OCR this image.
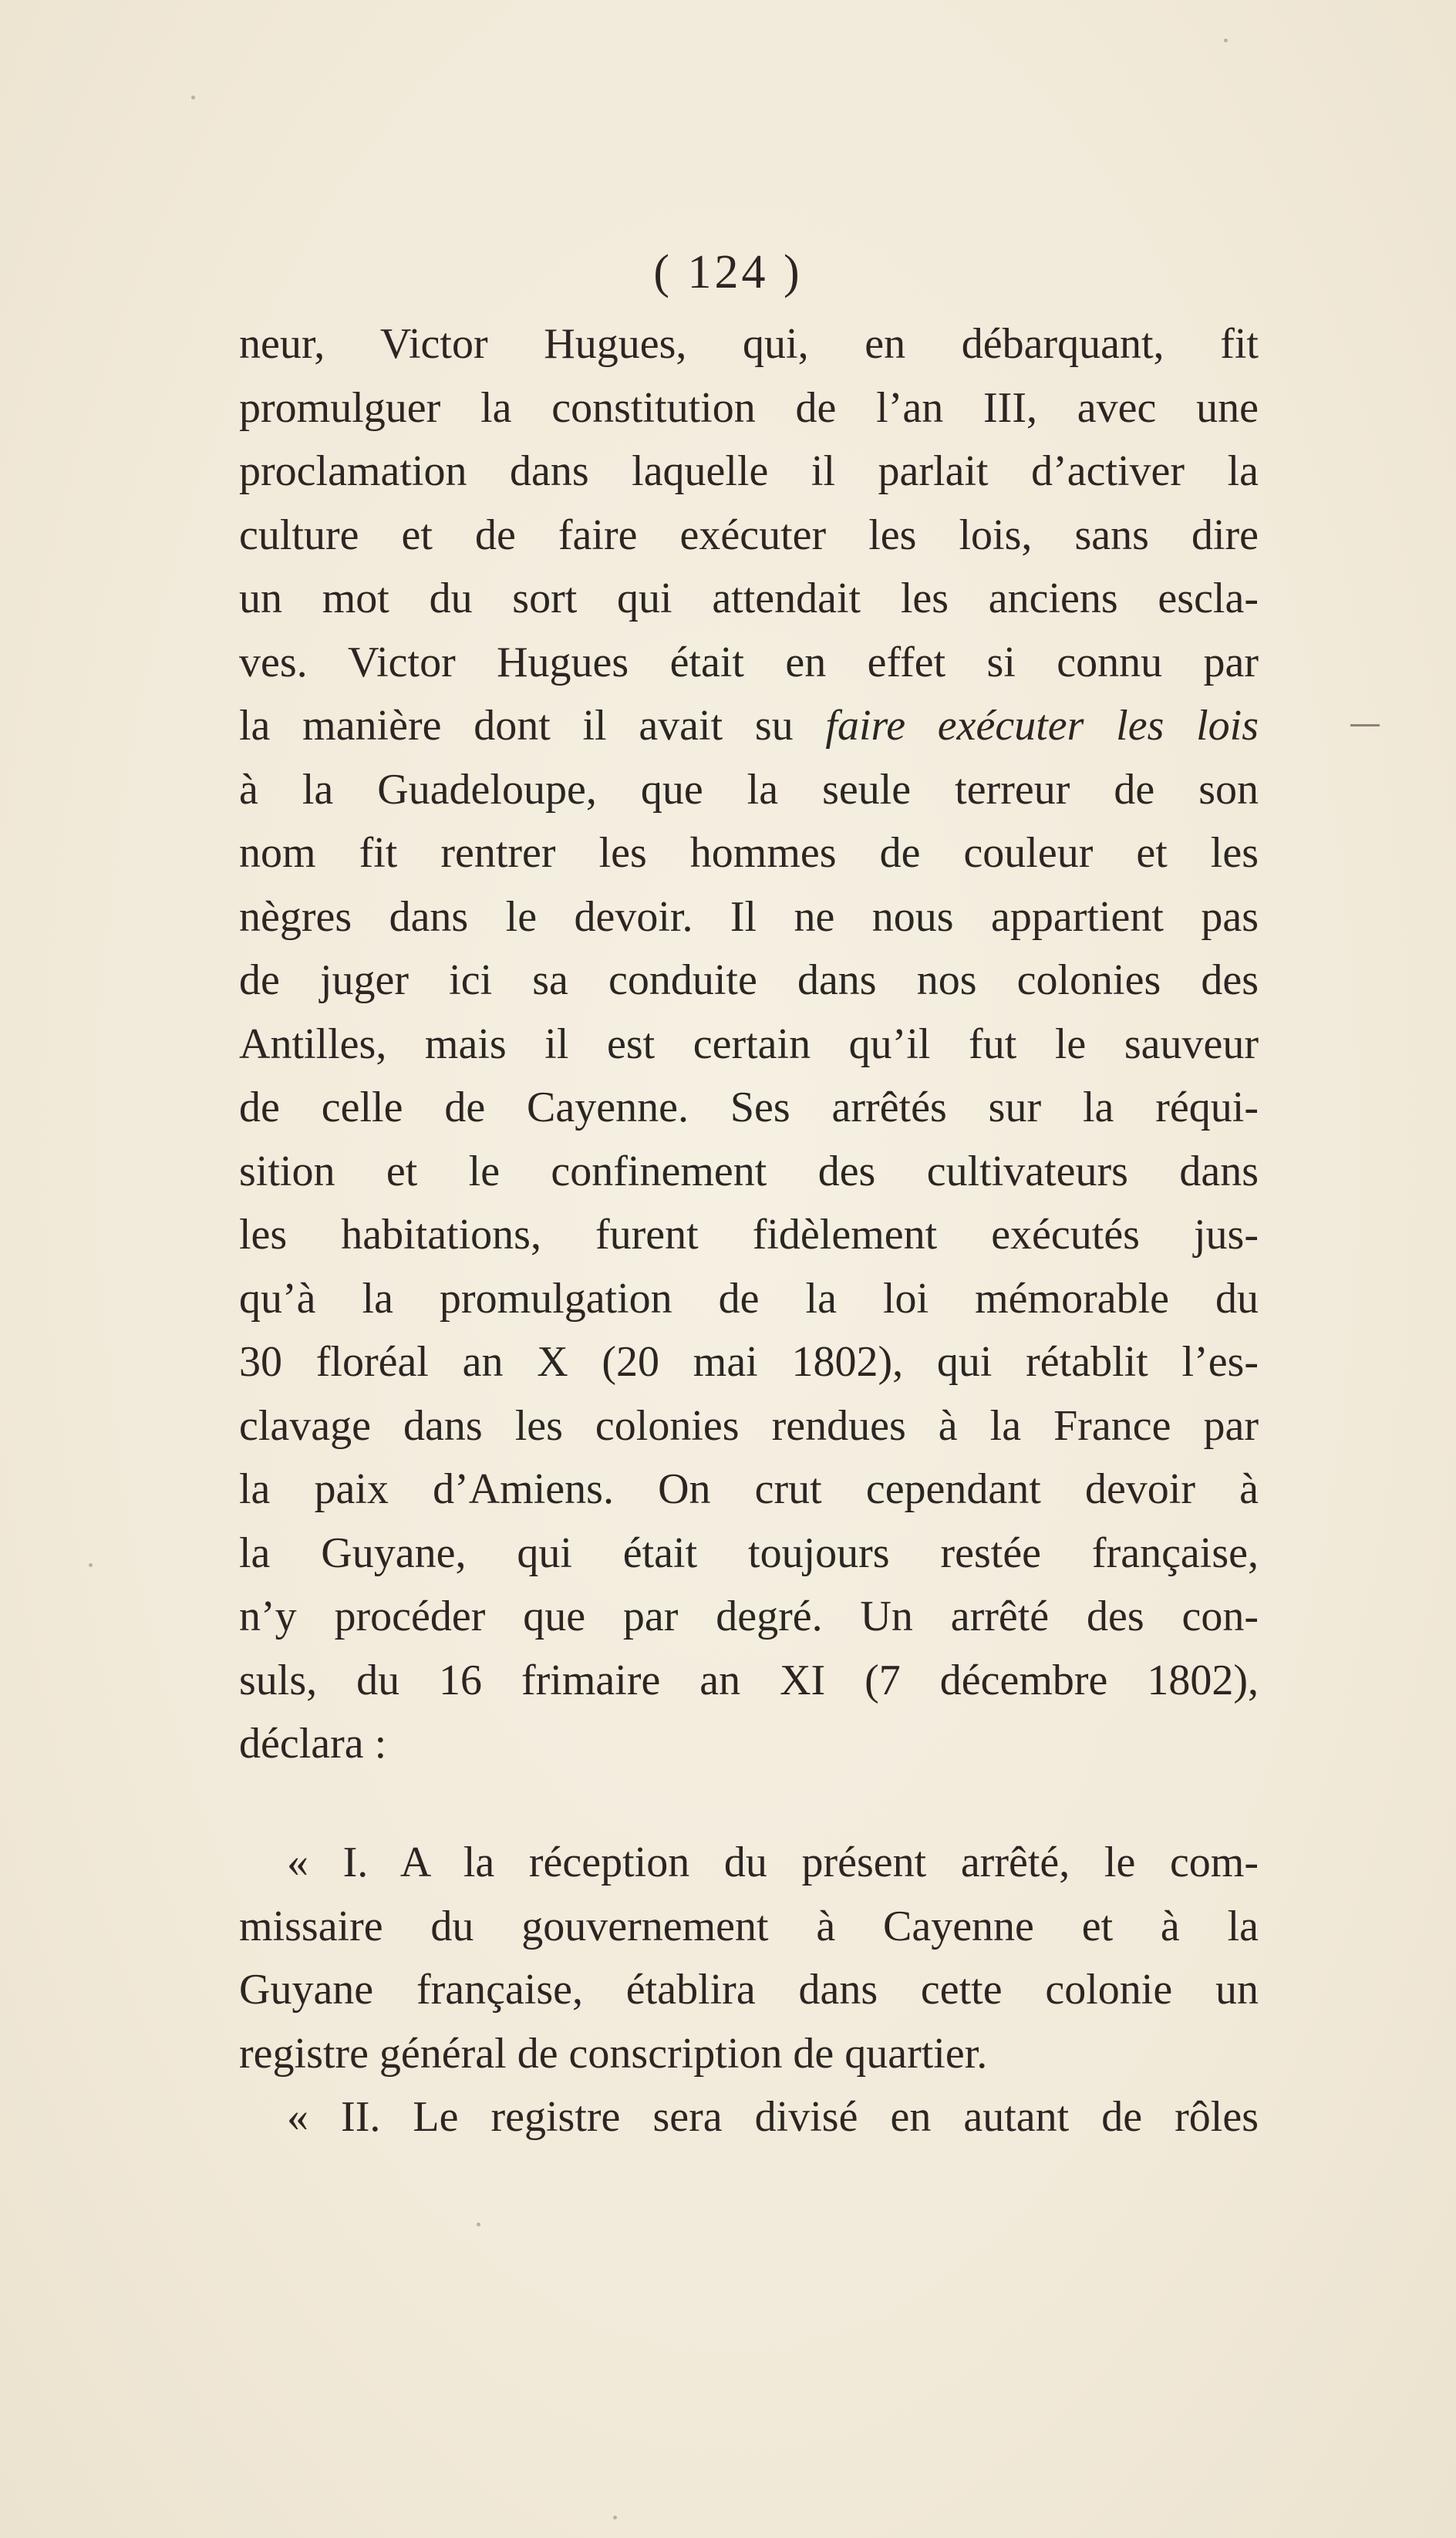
( 124 )
neur, Victor Hugues, qui, en débarquant, fit
promulguer la constitution de l’an III, avec une
proclamation dans laquelle il parlait d’activer la
culture et de faire exécuter les lois, sans dire
un mot du sort qui attendait les anciens escla-
ves. Victor Hugues était en effet si connu par
la manière dont il avait su faire exécuter les lois
à la Guadeloupe, que la seule terreur de son
nom fit rentrer les hommes de couleur et les
nègres dans le devoir. Il ne nous appartient pas
de juger ici sa conduite dans nos colonies des
Antilles, mais il est certain qu’il fut le sauveur
de celle de Cayenne. Ses arrêtés sur la réqui-
sition et le confinement des cultivateurs dans
les habitations, furent fidèlement exécutés jus-
qu’à la promulgation de la loi mémorable du
30 floréal an X (20 mai 1802), qui rétablit l’es-
clavage dans les colonies rendues à la France par
la paix d’Amiens. On crut cependant devoir à
la Guyane, qui était toujours restée française,
n’y procéder que par degré. Un arrêté des con-
suls, du 16 frimaire an XI (7 décembre 1802),
déclara :
« I. A la réception du présent arrêté, le com-
missaire du gouvernement à Cayenne et à la
Guyane française, établira dans cette colonie un
registre général de conscription de quartier.
« II. Le registre sera divisé en autant de rôles
